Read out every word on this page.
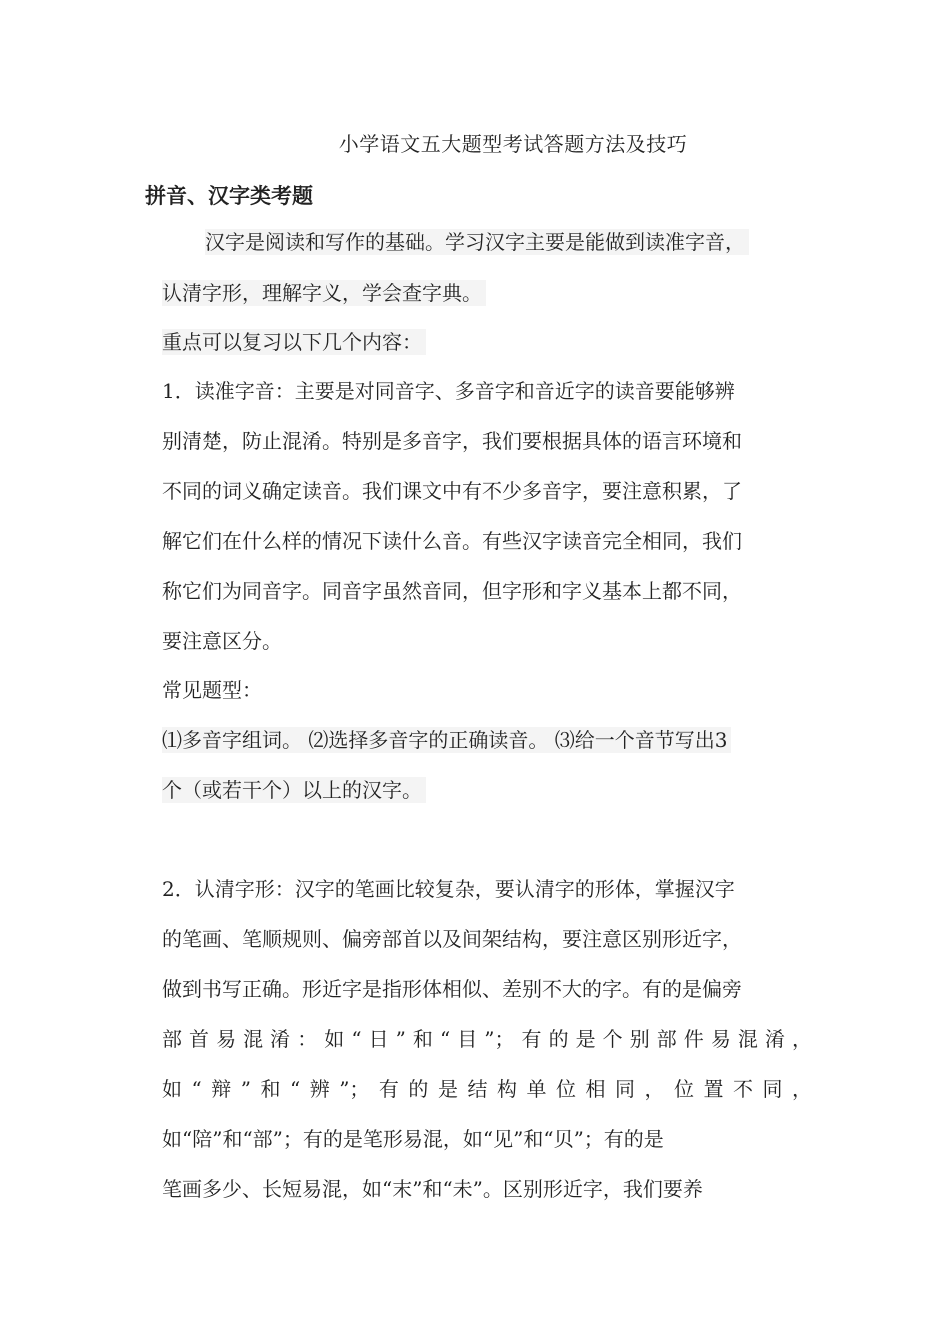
小学语文五大题型考试答题方法及技巧
拼音、汉字类考题
汉字是阅读和写作的基础。学习汉字主要是能做到读准字音，
认清字形，理解字义，学会查字典。
重点可以复习以下几个内容：
1．读准字音：主要是对同音字、多音字和音近字的读音要能够辨
别清楚，防止混淆。特别是多音字，我们要根据具体的语言环境和
不同的词义确定读音。我们课文中有不少多音字，要注意积累，了
解它们在什么样的情况下读什么音。有些汉字读音完全相同，我们
称它们为同音字。同音字虽然音同，但字形和字义基本上都不同，
要注意区分。
常见题型：
⑴多音字组词。 ⑵选择多音字的正确读音。 ⑶给一个音节写出3
个（或若干个）以上的汉字。
2．认清字形：汉字的笔画比较复杂，要认清字的形体，掌握汉字
的笔画、笔顺规则、偏旁部首以及间架结构，要注意区别形近字，
做到书写正确。形近字是指形体相似、差别不大的字。有的是偏旁
部首易混淆：如“日”和“目”；有的是个别部件易混淆，
如“辩”和“辨”；有的是结构单位相同，位置不同，
如“陪”和“部”；有的是笔形易混，如“见”和“贝”；有的是
笔画多少、长短易混，如“末”和“未”。区别形近字，我们要养
